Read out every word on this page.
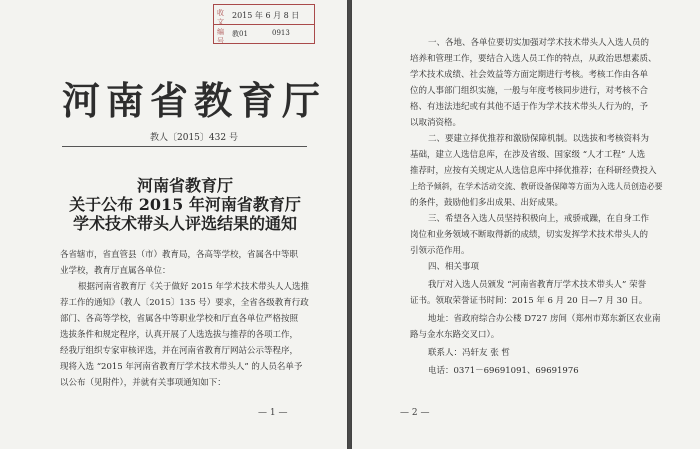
收文
2015 年 6 月 8 日
编号
教01	0913
河南省教育厅
教人〔2015〕432 号
河南省教育厅
关于公布 2015 年河南省教育厅
学术技术带头人评选结果的通知
各省辖市，省直管县（市）教育局，各高等学校，省属各中等职
业学校，教育厅直属各单位：
根据河南省教育厅《关于做好 2015 年学术技术带头人人选推
荐工作的通知》（教人〔2015〕135 号）要求，全省各级教育行政
部门、各高等学校，省属各中等职业学校和厅直各单位严格按照
选拔条件和规定程序，认真开展了人选选拔与推荐的各项工作，
经我厅组织专家审核评选，并在河南省教育厅网站公示等程序，
现将入选 “2015 年河南省教育厅学术技术带头人” 的人员名单予
以公布（见附件），并就有关事项通知如下：
— 1 —
一、各地、各单位要切实加强对学术技术带头人入选人员的
培养和管理工作，要结合入选人员工作的特点，从政治思想素质、
学术技术成绩、社会效益等方面定期进行考核。考核工作由各单
位的人事部门组织实施，一般与年度考核同步进行，对考核不合
格、有违法违纪或有其他不适于作为学术技术带头人行为的，予
以取消资格。
二、要建立择优推荐和激励保障机制。以选拔和考核资料为
基础，建立人选信息库，在涉及省级、国家级 “人才工程” 人选
推荐时，应按有关规定从人选信息库中择优推荐；在科研经费投入
上给予倾斜，在学术活动交流、教研设备保障等方面为入选人员创造必要
的条件，鼓励他们多出成果、出好成果。
三、希望各入选人员坚持积极向上，戒骄戒躁，在自身工作
岗位和业务领域不断取得新的成绩，切实发挥学术技术带头人的
引领示范作用。
四、相关事项
我厅对入选人员颁发 “河南省教育厅学术技术带头人” 荣誉
证书。领取荣誉证书时间：2015 年 6 月 20 日—7 月 30 日。
地址：省政府综合办公楼 D727 房间（郑州市郑东新区农业南
路与金水东路交叉口）。
联系人：冯轩友 张 哲
电话：0371－69691091、69691976
— 2 —
